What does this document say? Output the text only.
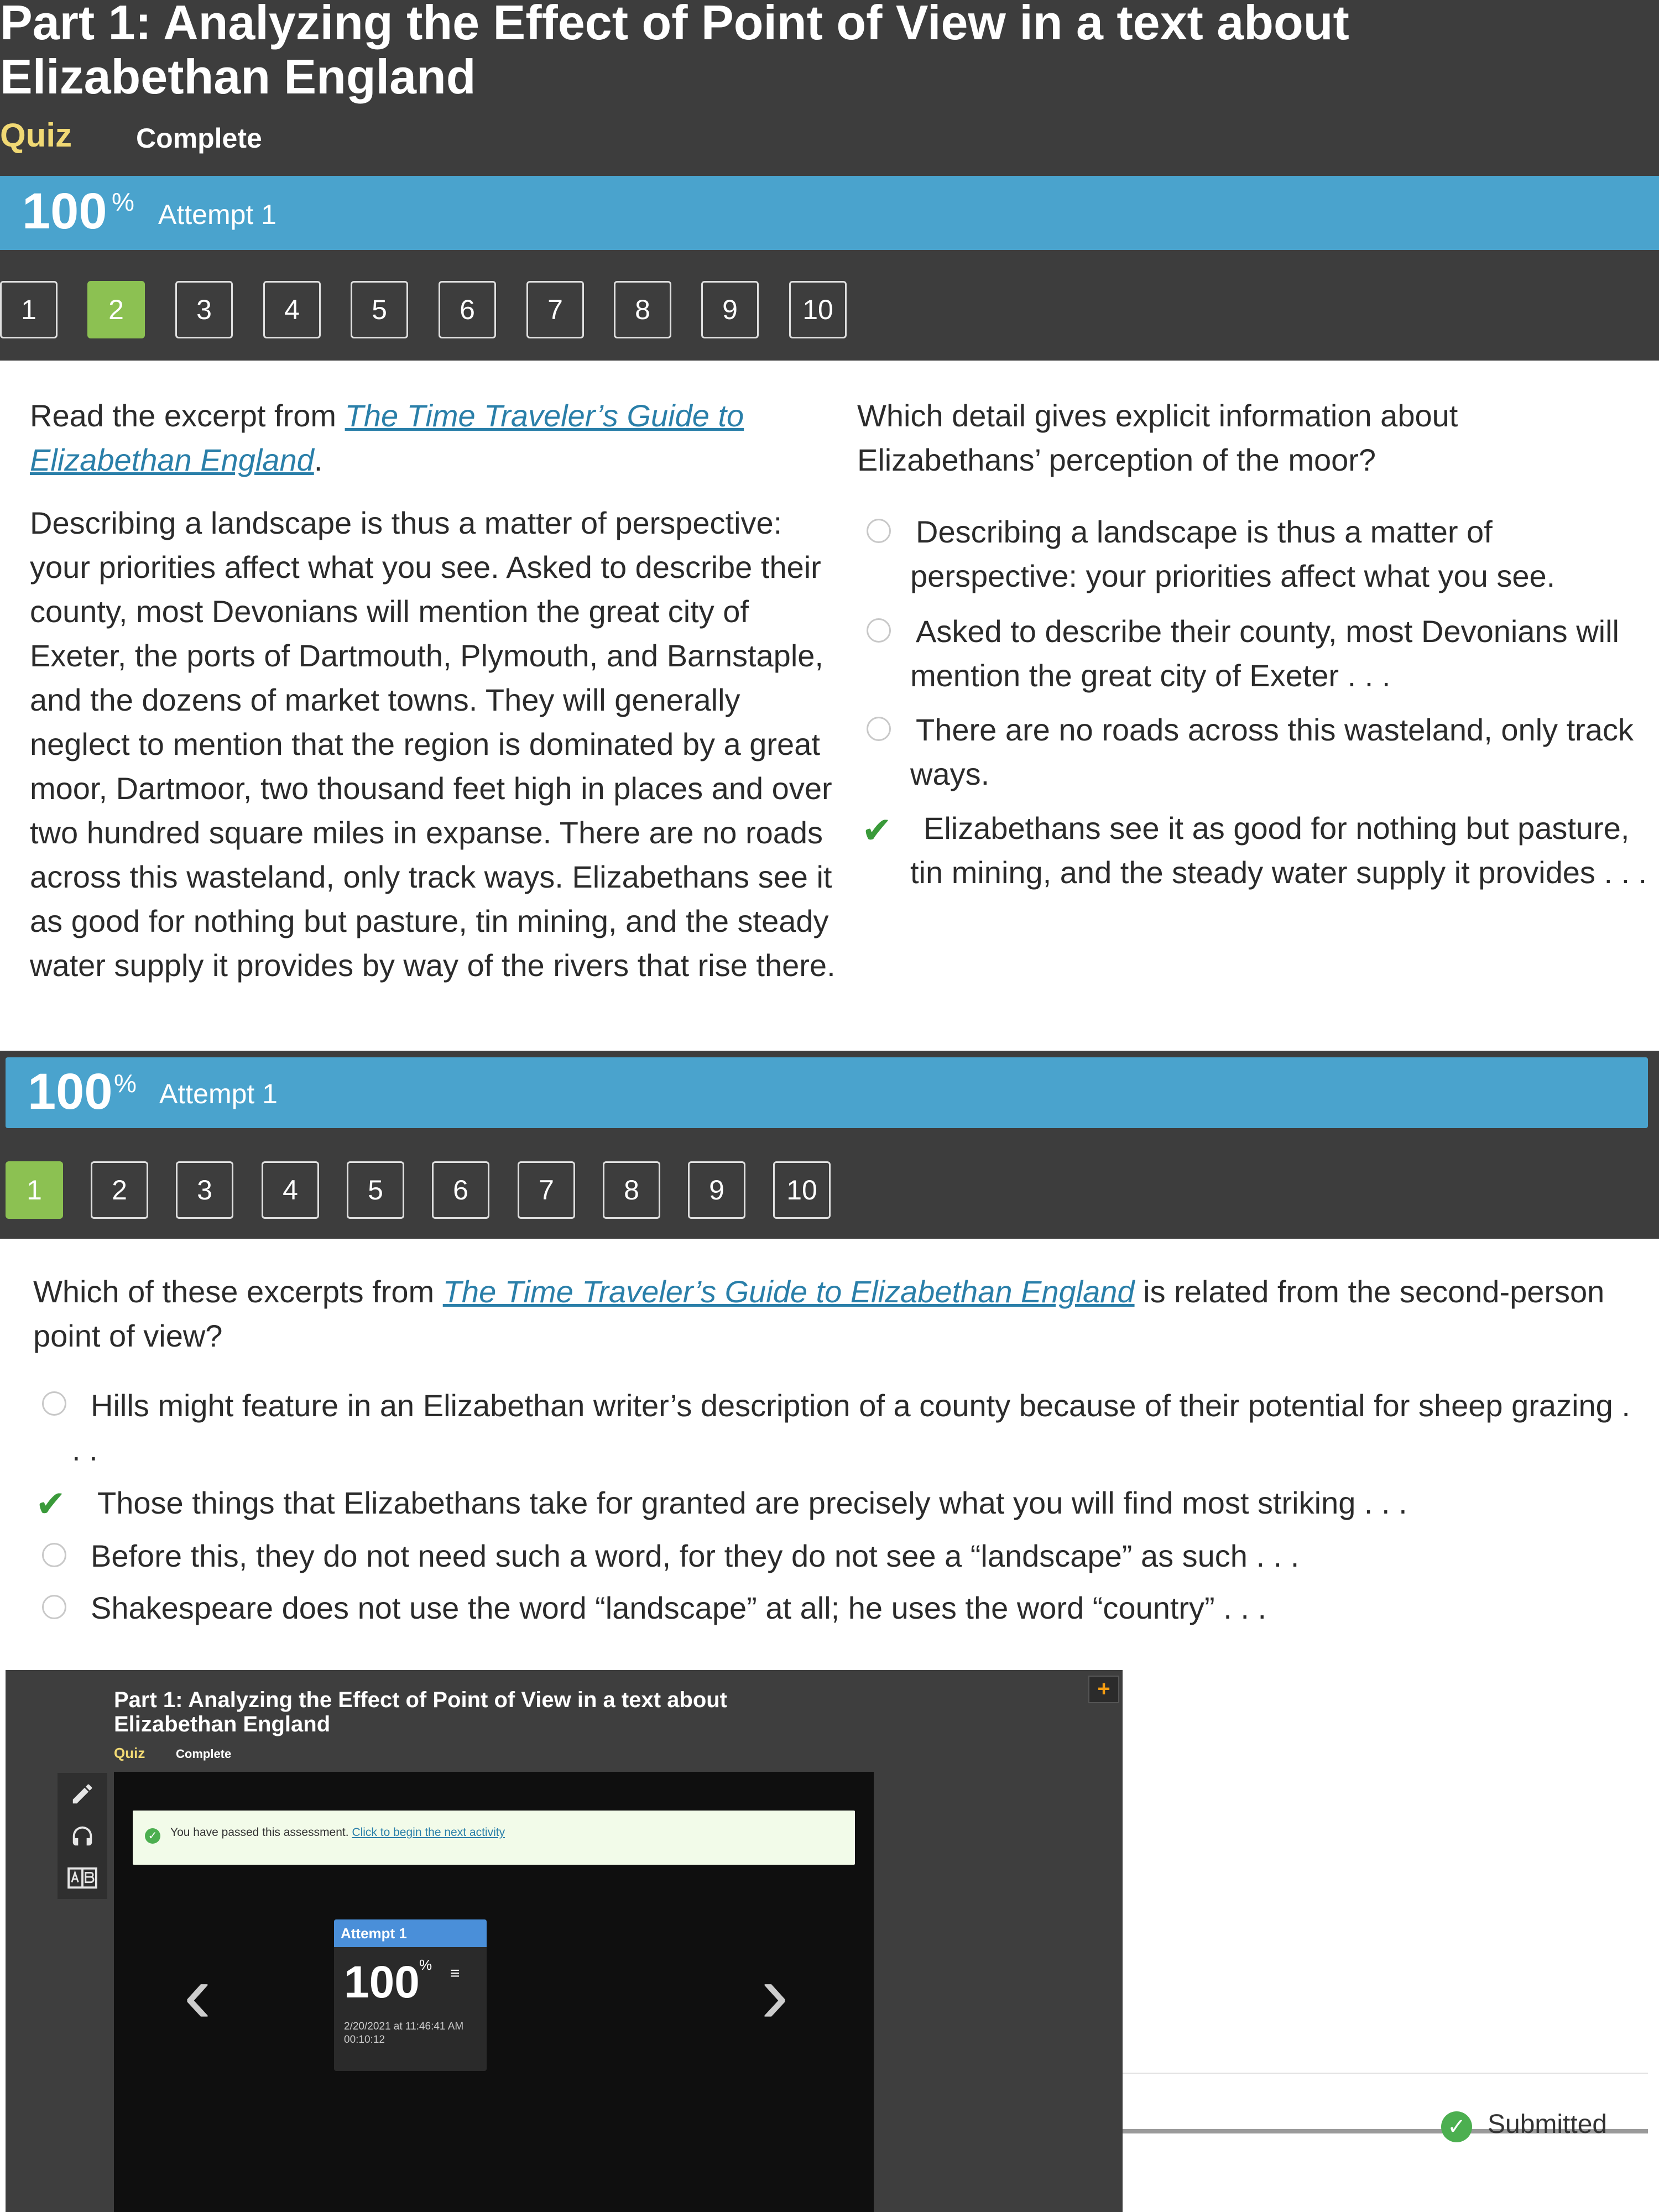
Part 1: Analyzing the Effect of Point of View in a text about Elizabethan England
Quiz Complete
100 % Attempt 1
1	2	3	4	5	6	7	8	9	10
Read the excerpt from The Time Traveler’s Guide to Elizabethan England.
Describing a landscape is thus a matter of perspective: your priorities affect what you see. Asked to describe their county, most Devonians will mention the great city of Exeter, the ports of Dartmouth, Plymouth, and Barnstaple, and the dozens of market towns. They will generally neglect to mention that the region is dominated by a great moor, Dartmoor, two thousand feet high in places and over two hundred square miles in expanse. There are no roads across this wasteland, only track ways. Elizabethans see it as good for nothing but pasture, tin mining, and the steady water supply it provides by way of the rivers that rise there.
Which detail gives explicit information about Elizabethans’ perception of the moor?
Describing a landscape is thus a matter of perspective: your priorities affect what you see.
Asked to describe their county, most Devonians will mention the great city of Exeter . . .
There are no roads across this wasteland, only track ways.
✔	Elizabethans see it as good for nothing but pasture, tin mining, and the steady water supply it provides . . .
100 % Attempt 1
1	2	3	4	5	6	7	8	9	10
Which of these excerpts from The Time Traveler’s Guide to Elizabethan England is related from the second-person point of view?
Hills might feature in an Elizabethan writer’s description of a county because of their potential for sheep grazing . . .
✔ Those things that Elizabethans take for granted are precisely what you will find most striking . . .
Before this, they do not need such a word, for they do not see a “landscape” as such . . .
Shakespeare does not use the word “landscape” at all; he uses the word “country” . . .
✓ Submitted
+
Part 1: Analyzing the Effect of Point of View in a text about Elizabethan England
Quiz	Complete
✓ You have passed this assessment. Click to begin the next activity
‹	›
Attempt 1
100 % ≡
2/20/2021 at 11:46:41 AM
00:10:12
